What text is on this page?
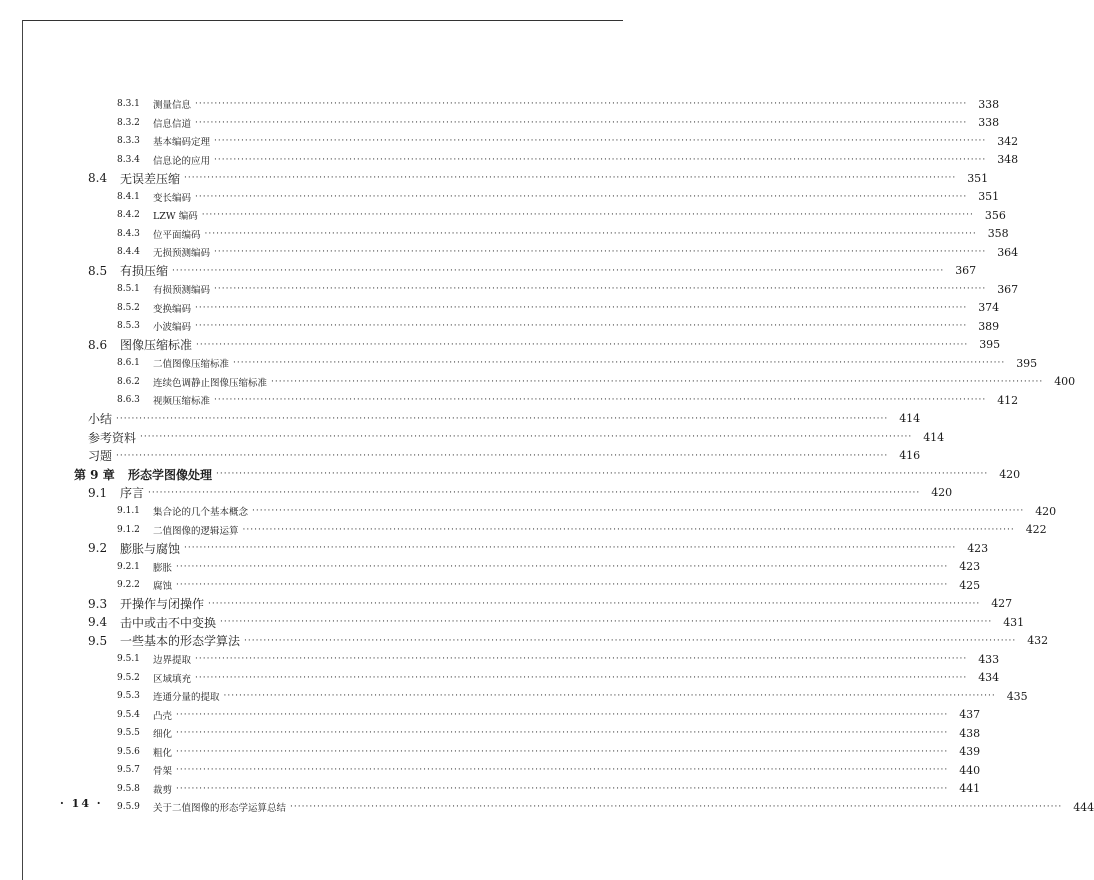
8.3.1	测量信息 ········································································································································································································	338
8.3.2	信息信道 ········································································································································································································	338
8.3.3	基本编码定理 ········································································································································································································	342
8.3.4	信息论的应用 ········································································································································································································	348
8.4	无误差压缩 ········································································································································································································	351
8.4.1	变长编码 ········································································································································································································	351
8.4.2	LZW 编码 ········································································································································································································	356
8.4.3	位平面编码 ········································································································································································································	358
8.4.4	无损预测编码 ········································································································································································································	364
8.5	有损压缩 ········································································································································································································	367
8.5.1	有损预测编码 ········································································································································································································	367
8.5.2	变换编码 ········································································································································································································	374
8.5.3	小波编码 ········································································································································································································	389
8.6	图像压缩标准 ········································································································································································································	395
8.6.1	二值图像压缩标准 ········································································································································································································	395
8.6.2	连续色调静止图像压缩标准 ········································································································································································································	400
8.6.3	视频压缩标准 ········································································································································································································	412
小结 ········································································································································································································	414
参考资料 ········································································································································································································	414
习题 ········································································································································································································	416
第 9 章	形态学图像处理 ········································································································································································································	420
9.1	序言 ········································································································································································································	420
9.1.1	集合论的几个基本概念 ········································································································································································································	420
9.1.2	二值图像的逻辑运算 ········································································································································································································	422
9.2	膨胀与腐蚀 ········································································································································································································	423
9.2.1	膨胀 ········································································································································································································	423
9.2.2	腐蚀 ········································································································································································································	425
9.3	开操作与闭操作 ········································································································································································································	427
9.4	击中或击不中变换 ········································································································································································································	431
9.5	一些基本的形态学算法 ········································································································································································································	432
9.5.1	边界提取 ········································································································································································································	433
9.5.2	区域填充 ········································································································································································································	434
9.5.3	连通分量的提取 ········································································································································································································	435
9.5.4	凸壳 ········································································································································································································	437
9.5.5	细化 ········································································································································································································	438
9.5.6	粗化 ········································································································································································································	439
9.5.7	骨架 ········································································································································································································	440
9.5.8	裁剪 ········································································································································································································	441
9.5.9	关于二值图像的形态学运算总结 ········································································································································································································	444
· 14 ·
